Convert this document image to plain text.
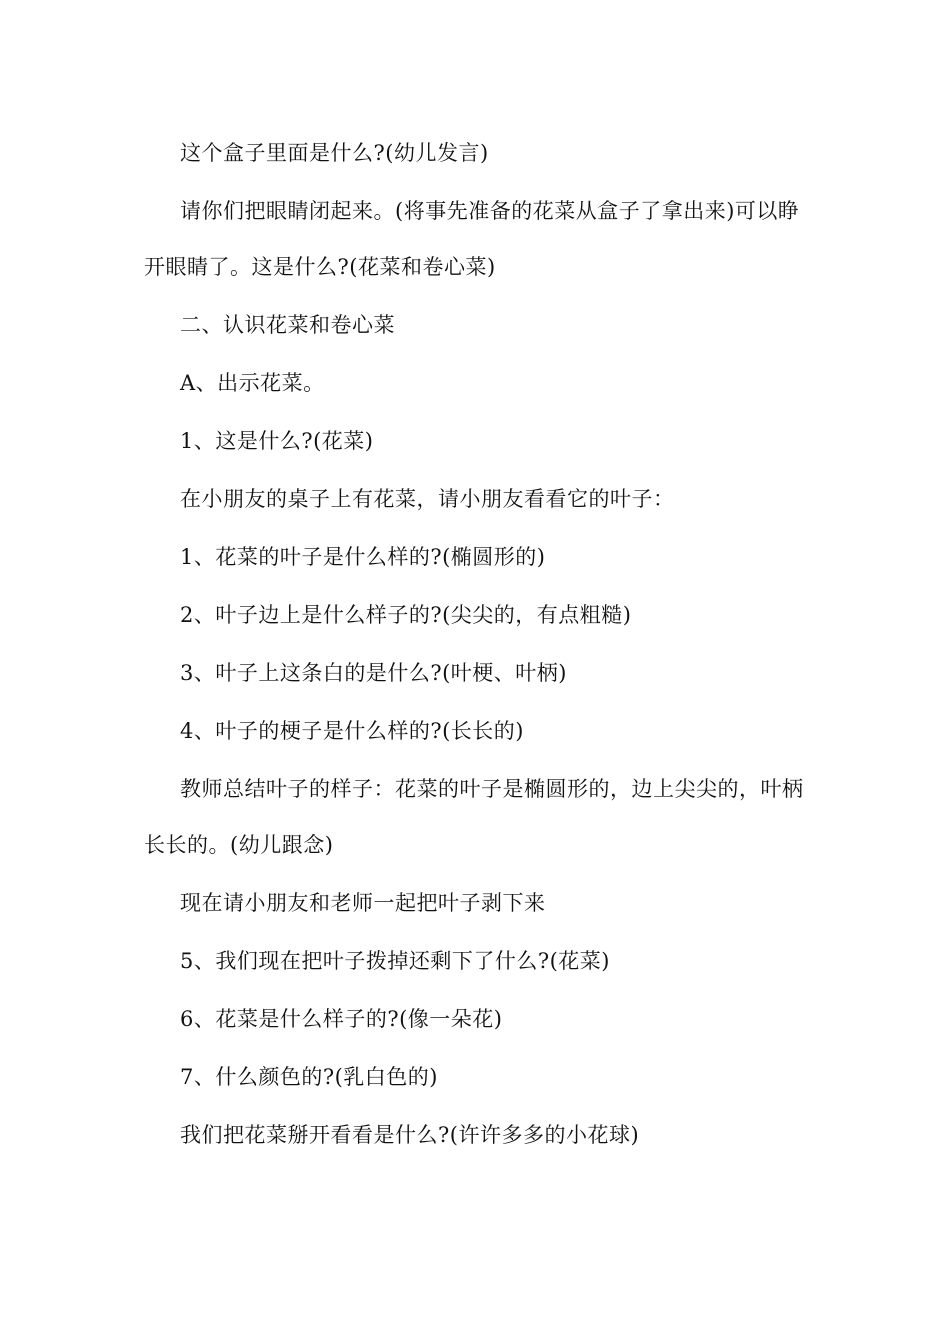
这个盒子里面是什么?(幼儿发言)

请你们把眼睛闭起来。(将事先准备的花菜从盒子了拿出来)可以睁开眼睛了。这是什么?(花菜和卷心菜)

二、认识花菜和卷心菜

A、出示花菜。

1、这是什么?(花菜)

在小朋友的桌子上有花菜，请小朋友看看它的叶子：

1、花菜的叶子是什么样的?(椭圆形的)

2、叶子边上是什么样子的?(尖尖的，有点粗糙)

3、叶子上这条白的是什么?(叶梗、叶柄)

4、叶子的梗子是什么样的?(长长的)

教师总结叶子的样子：花菜的叶子是椭圆形的，边上尖尖的，叶柄长长的。(幼儿跟念)

现在请小朋友和老师一起把叶子剥下来

5、我们现在把叶子拨掉还剩下了什么?(花菜)

6、花菜是什么样子的?(像一朵花)

7、什么颜色的?(乳白色的)

我们把花菜掰开看看是什么?(许许多多的小花球)
